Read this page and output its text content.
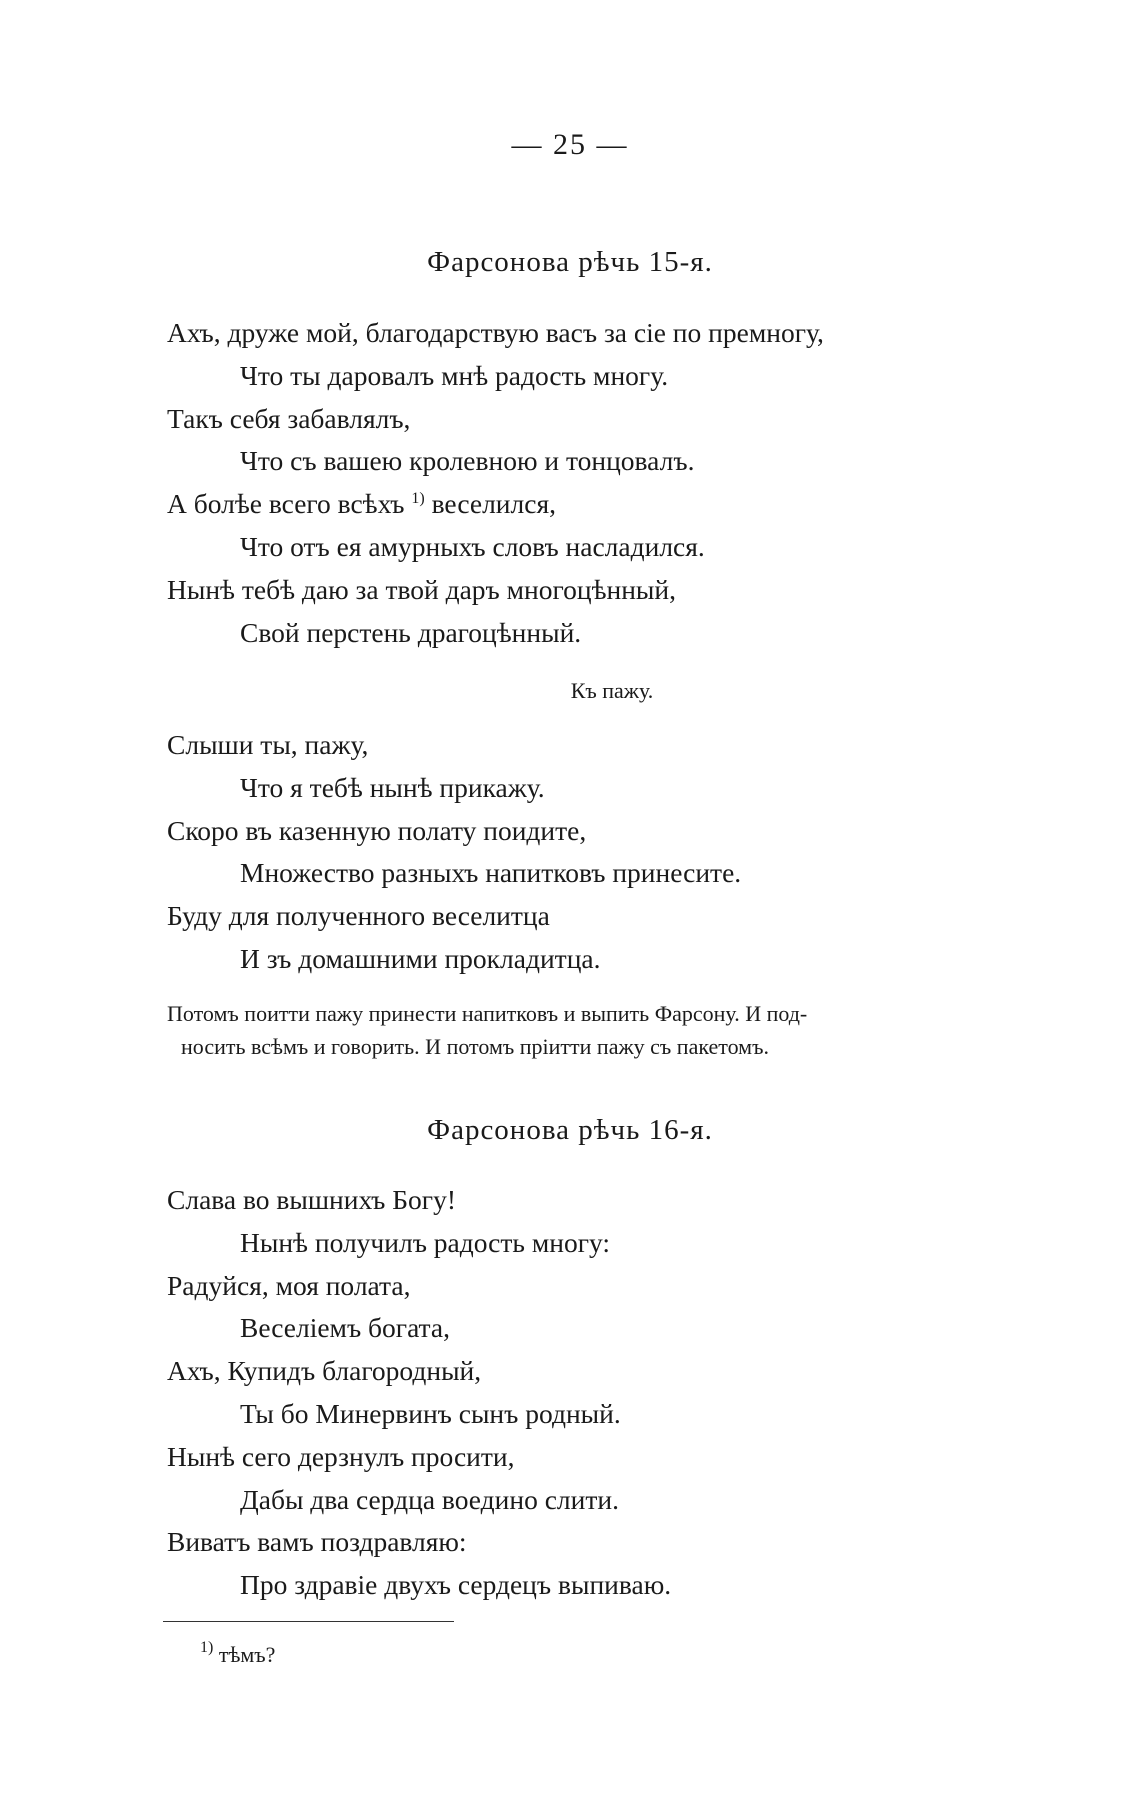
— 25 —
Фарсонова рѣчь 15-я.
Ахъ, друже мой, благодарствую васъ за сіе по премногу,
Что ты даровалъ мнѣ радость многу.
Такъ себя забавлялъ,
Что съ вашею кролевною и тонцовалъ.
А болѣе всего всѣхъ $^{1)}$ веселился,
Что отъ ея амурныхъ словъ насладился.
Нынѣ тебѣ даю за твой даръ многоцѣнный,
Свой перстень драгоцѣнный.
Къ пажу.
Слыши ты, пажу,
Что я тебѣ нынѣ прикажу.
Скоро въ казенную полату поидите,
Множество разныхъ напитковъ принесите.
Буду для полученного веселитца
И зъ домашними прокладитца.
Потомъ поитти пажу принести напитковъ и выпить Фарсону. И под-
носить всѣмъ и говорить. И потомъ пріитти пажу съ пакетомъ.
Фарсонова рѣчь 16-я.
Слава во вышнихъ Богу!
Нынѣ получилъ радость многу:
Радуйся, моя полата,
Веселіемъ богата,
Ахъ, Купидъ благородный,
Ты бо Минервинъ сынъ родный.
Нынѣ сего дерзнулъ просити,
Дабы два сердца воедино слити.
Виватъ вамъ поздравляю:
Про здравіе двухъ сердецъ выпиваю.
$^{1)}$ тѣмъ?
